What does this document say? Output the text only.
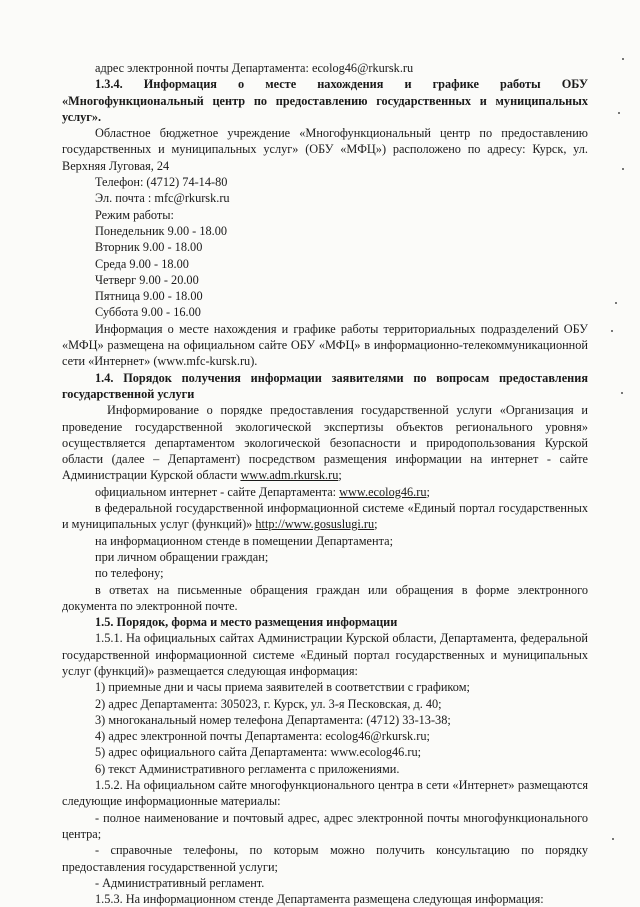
адрес электронной почты Департамента: ecolog46@rkursk.ru

1.3.4. Информация о месте нахождения и графике работы ОБУ «Многофункциональный центр по предоставлению государственных и муниципальных услуг».

Областное бюджетное учреждение «Многофункциональный центр по предоставлению государственных и муниципальных услуг» (ОБУ «МФЦ») расположено по адресу: Курск, ул. Верхняя Луговая, 24

Телефон: (4712) 74-14-80

Эл. почта : mfc@rkursk.ru

Режим работы:

Понедельник 9.00 - 18.00

Вторник 9.00 - 18.00

Среда 9.00 - 18.00

Четверг 9.00 - 20.00

Пятница 9.00 - 18.00

Суббота 9.00 - 16.00

Информация о месте нахождения и графике работы территориальных подразделений ОБУ «МФЦ» размещена на официальном сайте ОБУ «МФЦ» в информационно-телекоммуникационной сети «Интернет» (www.mfc-kursk.ru).

1.4. Порядок получения информации заявителями по вопросам предоставления государственной услуги

Информирование о порядке предоставления государственной услуги «Организация и проведение государственной экологической экспертизы объектов регионального уровня» осуществляется департаментом экологической безопасности и природопользования Курской области (далее – Департамент) посредством размещения информации на интернет - сайте Администрации Курской области www.adm.rkursk.ru;

официальном интернет - сайте Департамента: www.ecolog46.ru;

в федеральной государственной информационной системе «Единый портал государственных и муниципальных услуг (функций)» http://www.gosuslugi.ru;

на информационном стенде в помещении Департамента;

при личном обращении граждан;

по телефону;

в ответах на письменные обращения граждан или обращения в форме электронного документа по электронной почте.

1.5. Порядок, форма и место размещения информации

1.5.1. На официальных сайтах Администрации Курской области, Департамента, федеральной государственной информационной системе «Единый портал государственных и муниципальных услуг (функций)» размещается следующая информация:

1) приемные дни и часы приема заявителей в соответствии с графиком;

2) адрес Департамента: 305023, г. Курск, ул. 3-я Песковская, д. 40;

3) многоканальный номер телефона Департамента: (4712) 33-13-38;

4) адрес электронной почты Департамента: ecolog46@rkursk.ru;

5) адрес официального сайта Департамента: www.ecolog46.ru;

6) текст Административного регламента с приложениями.

1.5.2. На официальном сайте многофункционального центра в сети «Интернет» размещаются следующие информационные материалы:

- полное наименование и почтовый адрес, адрес электронной почты многофункционального центра;

- справочные телефоны, по которым можно получить консультацию по порядку предоставления государственной услуги;

- Административный регламент.

1.5.3. На информационном стенде Департамента размещена следующая информация:
